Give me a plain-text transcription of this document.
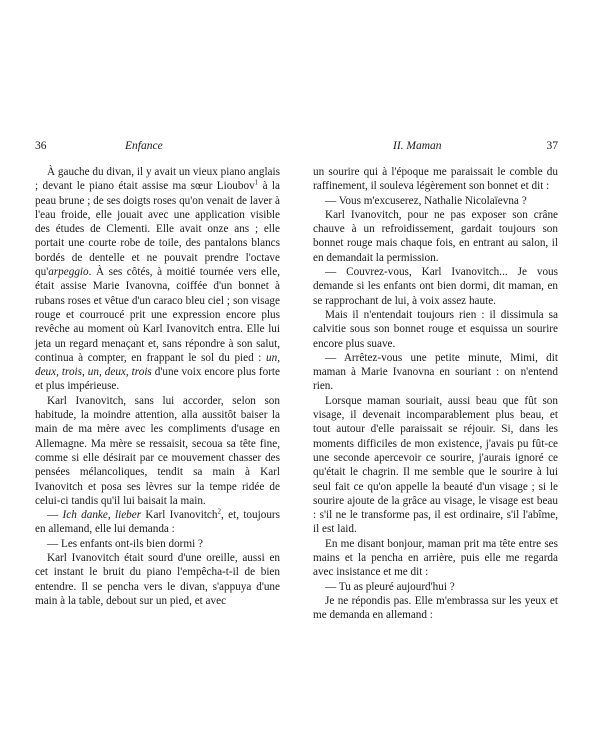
36	Enfance

À gauche du divan, il y avait un vieux piano anglais ; devant le piano était assise ma sœur Lioubov$^1$ à la peau brune ; de ses doigts roses qu'on venait de laver à l'eau froide, elle jouait avec une application visible des études de Clementi. Elle avait onze ans ; elle portait une courte robe de toile, des pantalons blancs bordés de dentelle et ne pouvait prendre l'octave qu'arpeggio. À ses côtés, à moitié tournée vers elle, était assise Marie Ivanovna, coiffée d'un bonnet à rubans roses et vêtue d'un caraco bleu ciel ; son visage rouge et courroucé prit une expression encore plus revêche au moment où Karl Ivanovitch entra. Elle lui jeta un regard menaçant et, sans répondre à son salut, continua à compter, en frappant le sol du pied : un, deux, trois, un, deux, trois d'une voix encore plus forte et plus impérieuse.

Karl Ivanovitch, sans lui accorder, selon son habitude, la moindre attention, alla aussitôt baiser la main de ma mère avec les compliments d'usage en Allemagne. Ma mère se ressaisit, secoua sa tête fine, comme si elle désirait par ce mouvement chasser des pensées mélancoliques, tendit sa main à Karl Ivanovitch et posa ses lèvres sur la tempe ridée de celui-ci tandis qu'il lui baisait la main.

— Ich danke, lieber Karl Ivanovitch$^2$, et, toujours en allemand, elle lui demanda :

— Les enfants ont-ils bien dormi ?

Karl Ivanovitch était sourd d'une oreille, aussi en cet instant le bruit du piano l'empêcha-t-il de bien entendre. Il se pencha vers le divan, s'appuya d'une main à la table, debout sur un pied, et avec

II. Maman	37

un sourire qui à l'époque me paraissait le comble du raffinement, il souleva légèrement son bonnet et dit :

— Vous m'excuserez, Nathalie Nicolaïevna ?

Karl Ivanovitch, pour ne pas exposer son crâne chauve à un refroidissement, gardait toujours son bonnet rouge mais chaque fois, en entrant au salon, il en demandait la permission.

— Couvrez-vous, Karl Ivanovitch... Je vous demande si les enfants ont bien dormi, dit maman, en se rapprochant de lui, à voix assez haute.

Mais il n'entendait toujours rien : il dissimula sa calvitie sous son bonnet rouge et esquissa un sourire encore plus suave.

— Arrêtez-vous une petite minute, Mimi, dit maman à Marie Ivanovna en souriant : on n'entend rien.

Lorsque maman souriait, aussi beau que fût son visage, il devenait incomparablement plus beau, et tout autour d'elle paraissait se réjouir. Si, dans les moments difficiles de mon existence, j'avais pu fût-ce une seconde apercevoir ce sourire, j'aurais ignoré ce qu'était le chagrin. Il me semble que le sourire à lui seul fait ce qu'on appelle la beauté d'un visage ; si le sourire ajoute de la grâce au visage, le visage est beau : s'il ne le transforme pas, il est ordinaire, s'il l'abîme, il est laid.

En me disant bonjour, maman prit ma tête entre ses mains et la pencha en arrière, puis elle me regarda avec insistance et me dit :

— Tu as pleuré aujourd'hui ?

Je ne répondis pas. Elle m'embrassa sur les yeux et me demanda en allemand :
